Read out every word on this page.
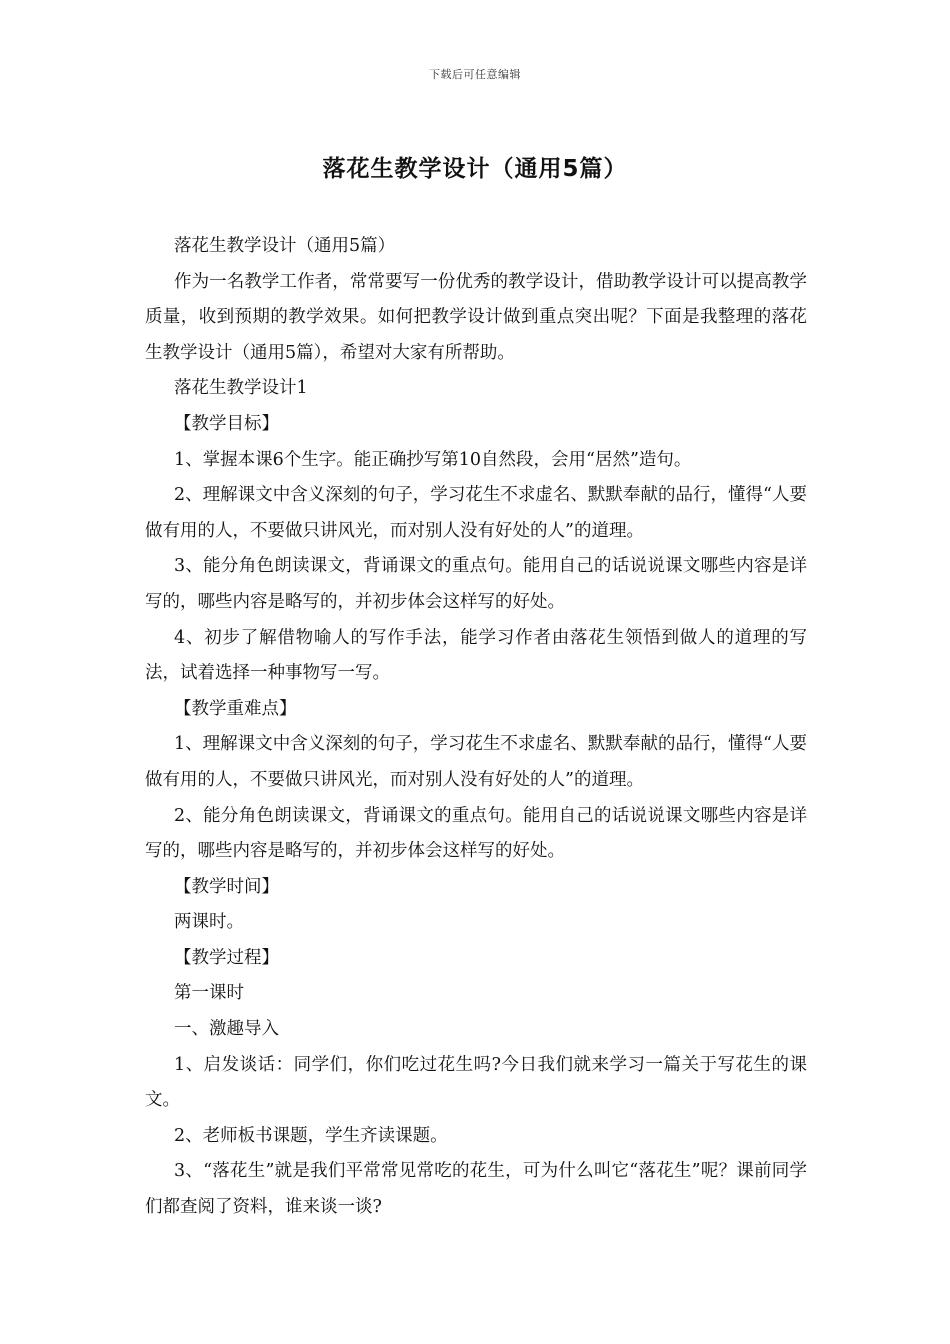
下载后可任意编辑
落花生教学设计（通用5篇）

落花生教学设计（通用5篇）

作为一名教学工作者，常常要写一份优秀的教学设计，借助教学设计可以提高教学质量，收到预期的教学效果。如何把教学设计做到重点突出呢？下面是我整理的落花生教学设计（通用5篇），希望对大家有所帮助。

落花生教学设计1

【教学目标】

1、掌握本课6个生字。能正确抄写第10自然段，会用“居然”造句。

2、理解课文中含义深刻的句子，学习花生不求虚名、默默奉献的品行，懂得“人要做有用的人，不要做只讲风光，而对别人没有好处的人”的道理。

3、能分角色朗读课文，背诵课文的重点句。能用自己的话说说课文哪些内容是详写的，哪些内容是略写的，并初步体会这样写的好处。

4、初步了解借物喻人的写作手法，能学习作者由落花生领悟到做人的道理的写法，试着选择一种事物写一写。

【教学重难点】

1、理解课文中含义深刻的句子，学习花生不求虚名、默默奉献的品行，懂得“人要做有用的人，不要做只讲风光，而对别人没有好处的人”的道理。

2、能分角色朗读课文，背诵课文的重点句。能用自己的话说说课文哪些内容是详写的，哪些内容是略写的，并初步体会这样写的好处。

【教学时间】

两课时。

【教学过程】

第一课时

一、激趣导入

1、启发谈话：同学们，你们吃过花生吗?今日我们就来学习一篇关于写花生的课文。

2、老师板书课题，学生齐读课题。

3、“落花生”就是我们平常常见常吃的花生，可为什么叫它“落花生”呢？课前同学们都查阅了资料，谁来谈一谈?
